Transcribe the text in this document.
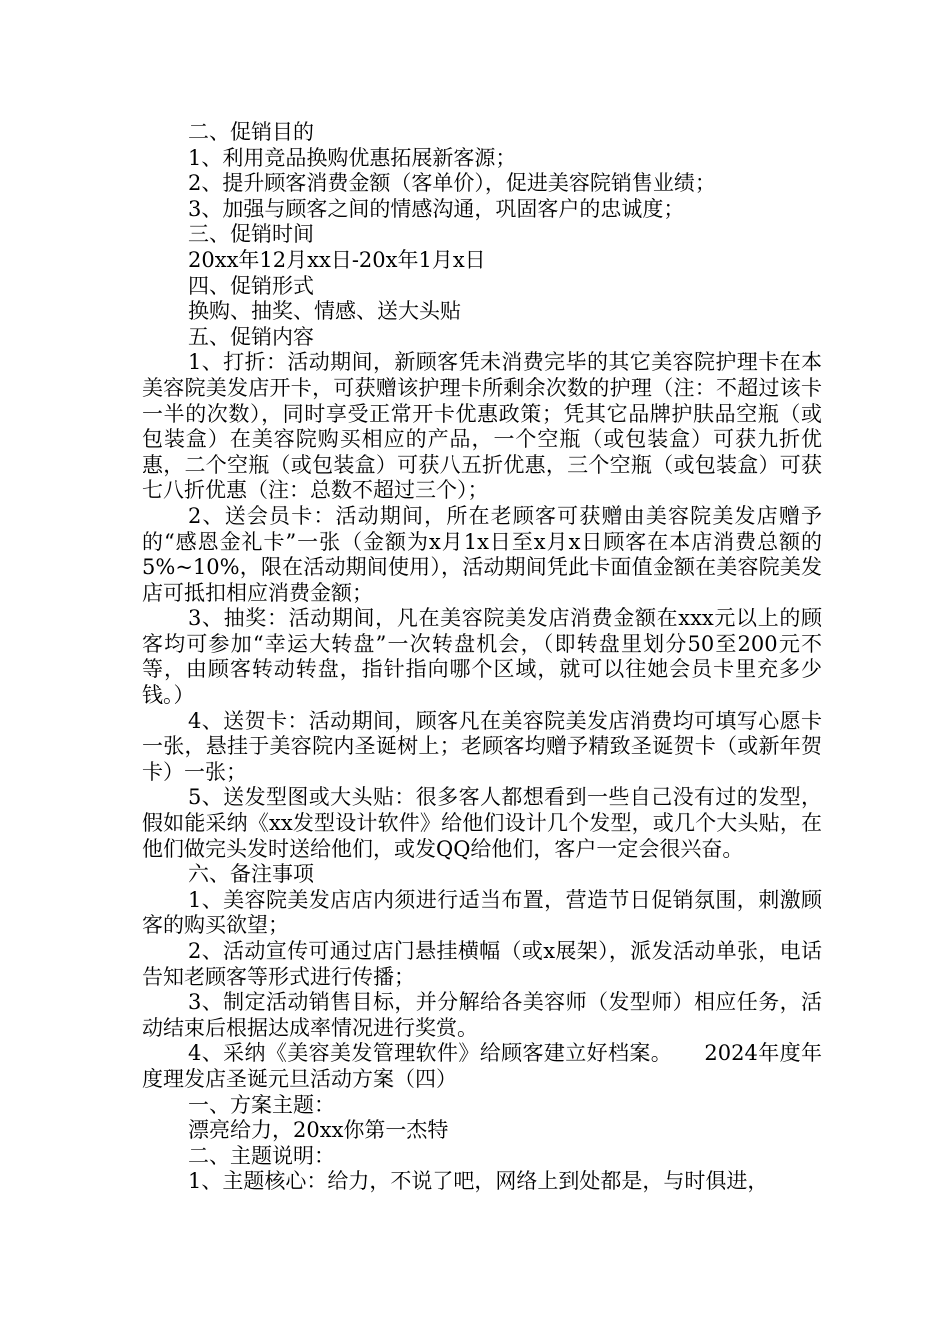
二、促销目的

1、利用竞品换购优惠拓展新客源；

2、提升顾客消费金额（客单价），促进美容院销售业绩；

3、加强与顾客之间的情感沟通，巩固客户的忠诚度；

三、促销时间

20xx年12月xx日-20x年1月x日

四、促销形式

换购、抽奖、情感、送大头贴

五、促销内容

1、打折：活动期间，新顾客凭未消费完毕的其它美容院护理卡在本美容院美发店开卡，可获赠该护理卡所剩余次数的护理（注：不超过该卡一半的次数），同时享受正常开卡优惠政策；凭其它品牌护肤品空瓶（或包装盒）在美容院购买相应的产品，一个空瓶（或包装盒）可获九折优惠，二个空瓶（或包装盒）可获八五折优惠，三个空瓶（或包装盒）可获七八折优惠（注：总数不超过三个）；

2、送会员卡：活动期间，所在老顾客可获赠由美容院美发店赠予的“感恩金礼卡”一张（金额为x月1x日至x月x日顾客在本店消费总额的5%~10%，限在活动期间使用），活动期间凭此卡面值金额在美容院美发店可抵扣相应消费金额；

3、抽奖：活动期间，凡在美容院美发店消费金额在xxx元以上的顾客均可参加“幸运大转盘”一次转盘机会，（即转盘里划分50至200元不等，由顾客转动转盘，指针指向哪个区域，就可以往她会员卡里充多少钱。）

4、送贺卡：活动期间，顾客凡在美容院美发店消费均可填写心愿卡一张，悬挂于美容院内圣诞树上；老顾客均赠予精致圣诞贺卡（或新年贺卡）一张；

5、送发型图或大头贴：很多客人都想看到一些自己没有过的发型，假如能采纳《xx发型设计软件》给他们设计几个发型，或几个大头贴，在他们做完头发时送给他们，或发QQ给他们，客户一定会很兴奋。

六、备注事项

1、美容院美发店店内须进行适当布置，营造节日促销氛围，刺激顾客的购买欲望；

2、活动宣传可通过店门悬挂横幅（或x展架），派发活动单张，电话告知老顾客等形式进行传播；

3、制定活动销售目标，并分解给各美容师（发型师）相应任务，活动结束后根据达成率情况进行奖赏。

4、采纳《美容美发管理软件》给顾客建立好档案。　　2024年度年度理发店圣诞元旦活动方案（四）

一、方案主题：

漂亮给力，20xx你第一杰特

二、主题说明：

1、主题核心：给力，不说了吧，网络上到处都是，与时俱进，
